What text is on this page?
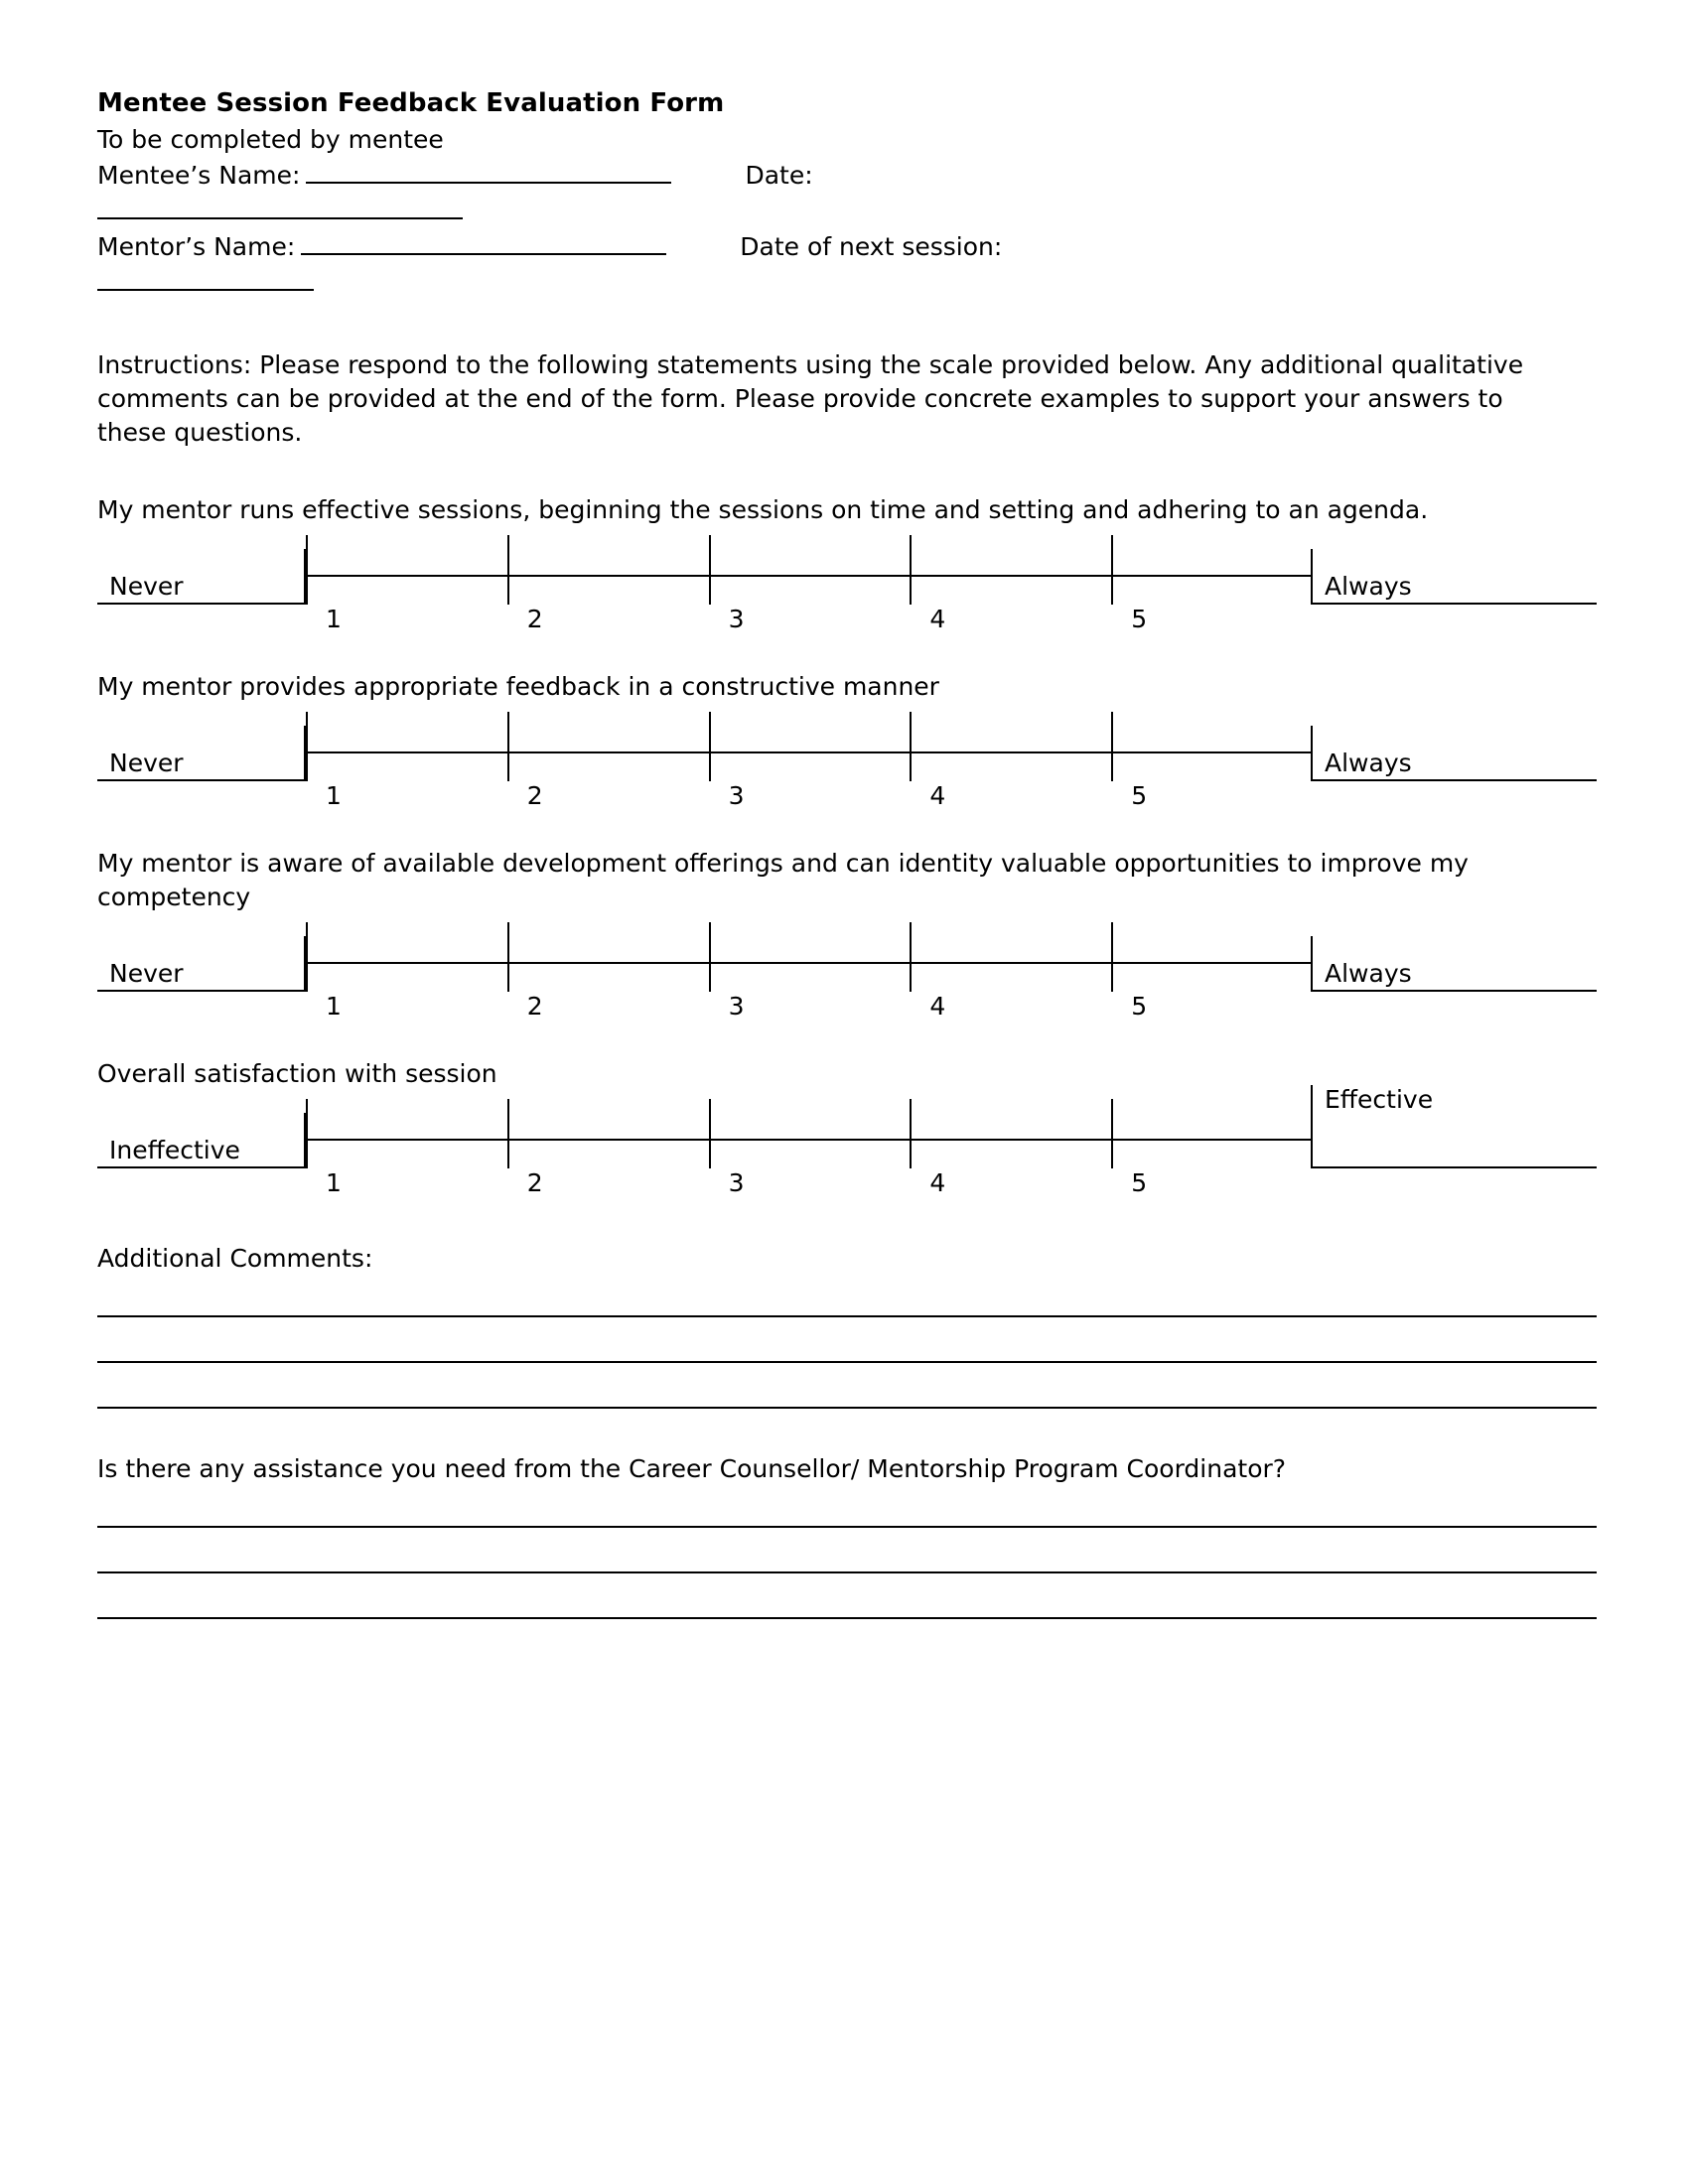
Mentee Session Feedback Evaluation Form
To be completed by mentee
Mentee’s Name:	Date:
Mentor’s Name:	Date of next session:

Instructions: Please respond to the following statements using the scale provided below. Any additional qualitative comments can be provided at the end of the form. Please provide concrete examples to support your answers to these questions.

My mentor runs effective sessions, beginning the sessions on time and setting and adhering to an agenda.
Never
1	2	3	4	5
Always
My mentor provides appropriate feedback in a constructive manner
Never
1	2	3	4	5
Always
My mentor is aware of available development offerings and can identity valuable opportunities to improve my competency
Never
1	2	3	4	5
Always
Overall satisfaction with session
Ineffective
1	2	3	4	5
Effective
Additional Comments:
Is there any assistance you need from the Career Counsellor/ Mentorship Program Coordinator?
